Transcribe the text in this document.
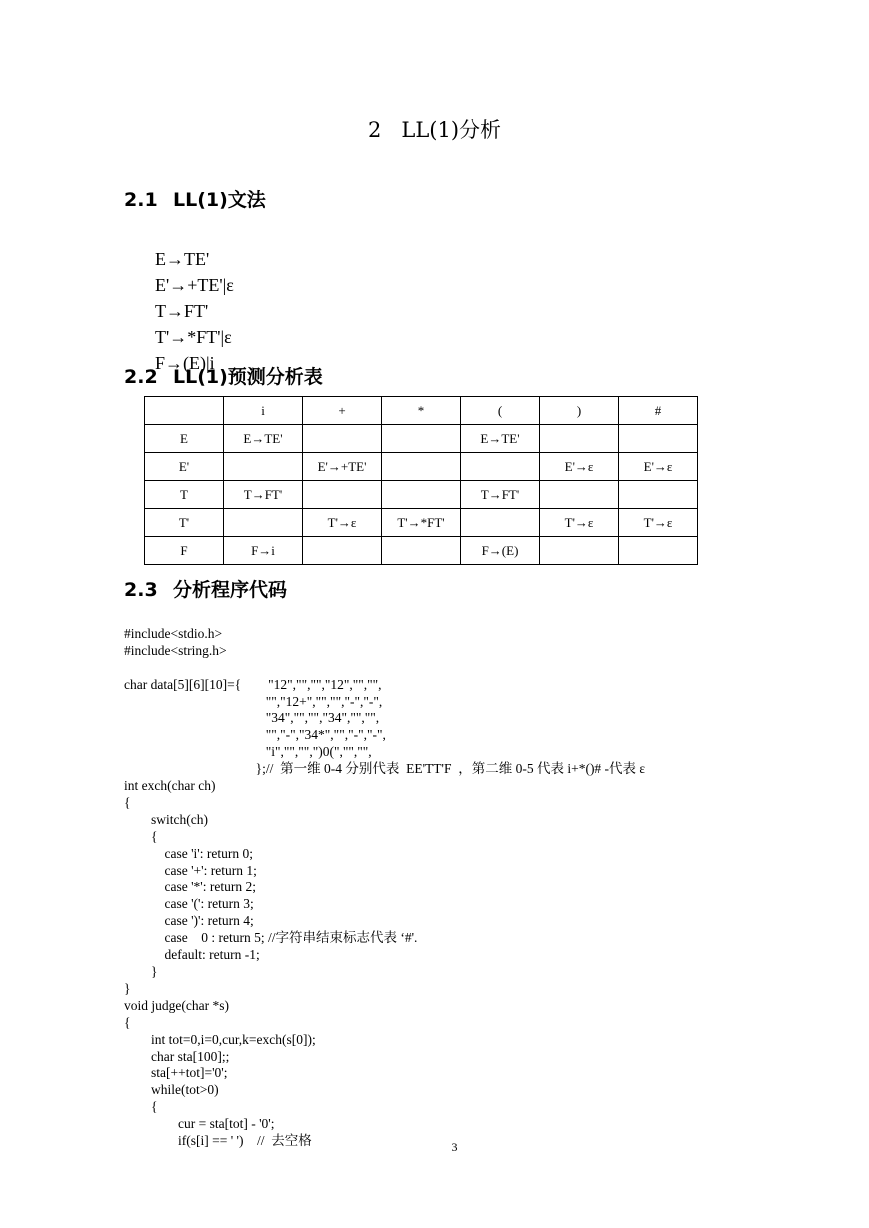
2   LL(1)分析
2.1 LL(1)文法

E→TE'
E'→+TE'|ε
T→FT'
T'→*FT'|ε
F→(E)|i

2.2 LL(1)预测分析表
	i	+	*	(	)	#
E	E→TE'			E→TE'		
E'		E'→+TE'			E'→ε	E'→ε
T	T→FT'			T→FT'		
T'		T'→ε	T'→*FT'		T'→ε	T'→ε
F	F→i			F→(E)		
2.3 分析程序代码

#include<stdio.h>
#include<string.h>
char data[5][6][10]={        "12","","","12","","",
"","12+","","","-","-",
"34","","","34","","",
"","-","34*","","-","-",
"i","","",")0(","","",
};//  第一维 0-4 分别代表  EE'TT'F  ，第二维 0-5 代表 i+*()# -代表 ε
int exch(char ch)
{
switch(ch)
{
case 'i': return 0;
case '+': return 1;
case '*': return 2;
case '(': return 3;
case ')': return 4;
case    0 : return 5; //字符串结束标志代表 ‘#'.
default: return -1;
}
}
void judge(char *s)
{
int tot=0,i=0,cur,k=exch(s[0]);
char sta[100];;
sta[++tot]='0';
while(tot>0)
{
cur = sta[tot] - '0';
if(s[i] == ' ')    //  去空格	3
